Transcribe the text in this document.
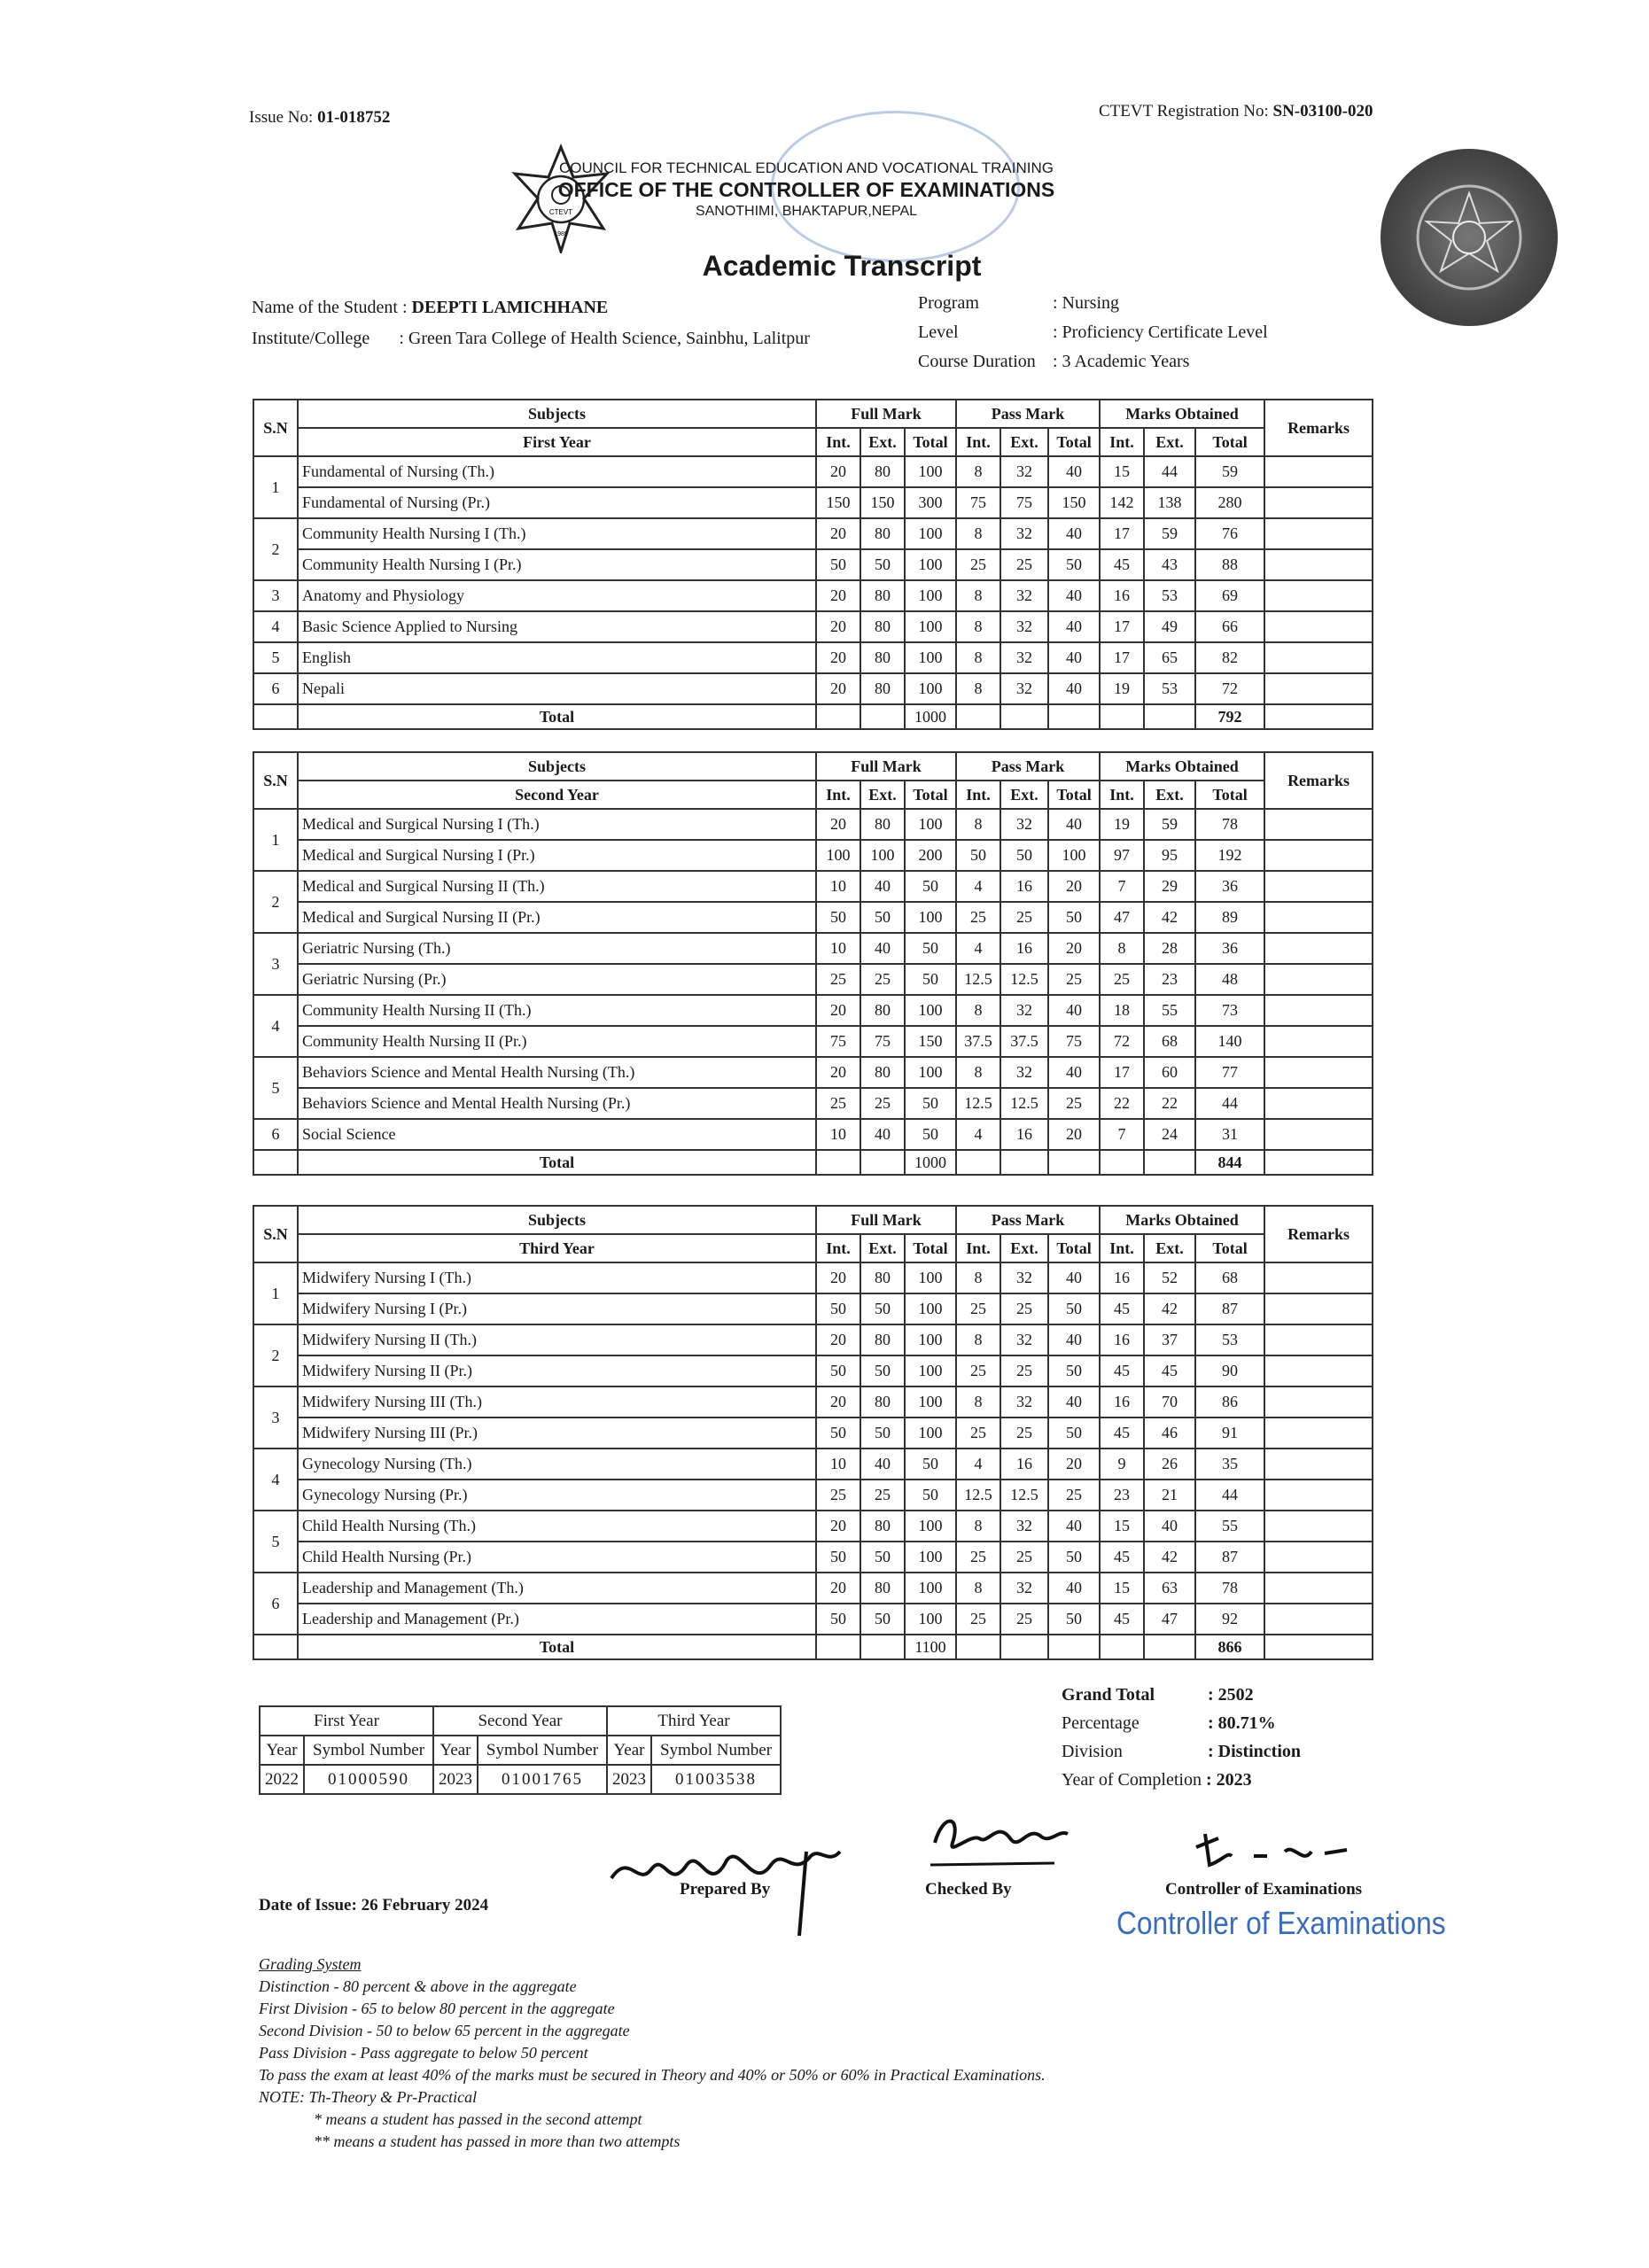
Issue No: 01-018752	CTEVT Registration No: SN-03100-020
CTEVT
1989
COUNCIL FOR TECHNICAL EDUCATION AND VOCATIONAL TRAINING
OFFICE OF THE CONTROLLER OF EXAMINATIONS
SANOTHIMI, BHAKTAPUR,NEPAL
Academic Transcript
Name of the Student : DEEPTI LAMICHHANE
Institute/College : Green Tara College of Health Science, Sainbhu, Lalitpur
Program	: Nursing
Level	: Proficiency Certificate Level
Course Duration : 3 Academic Years
S.N	Subjects	Full Mark			Pass Mark			Marks Obtained			Remarks
	First Year	Int.	Ext.	Total	Int.	Ext.	Total	Int.	Ext.	Total	
1	Fundamental of Nursing (Th.)	20	80	100	8	32	40	15	44	59	
	Fundamental of Nursing (Pr.)	150	150	300	75	75	150	142	138	280	
2	Community Health Nursing I (Th.)	20	80	100	8	32	40	17	59	76	
	Community Health Nursing I (Pr.)	50	50	100	25	25	50	45	43	88	
3	Anatomy and Physiology	20	80	100	8	32	40	16	53	69	
4	Basic Science Applied to Nursing	20	80	100	8	32	40	17	49	66	
5	English	20	80	100	8	32	40	17	65	82	
6	Nepali	20	80	100	8	32	40	19	53	72	
	Total			1000						792	
S.N	Subjects	Full Mark			Pass Mark			Marks Obtained			Remarks
	Second Year	Int.	Ext.	Total	Int.	Ext.	Total	Int.	Ext.	Total	
1	Medical and Surgical Nursing I (Th.)	20	80	100	8	32	40	19	59	78	
	Medical and Surgical Nursing I (Pr.)	100	100	200	50	50	100	97	95	192	
2	Medical and Surgical Nursing II (Th.)	10	40	50	4	16	20	7	29	36	
	Medical and Surgical Nursing II (Pr.)	50	50	100	25	25	50	47	42	89	
3	Geriatric Nursing (Th.)	10	40	50	4	16	20	8	28	36	
	Geriatric Nursing (Pr.)	25	25	50	12.5	12.5	25	25	23	48	
4	Community Health Nursing II (Th.)	20	80	100	8	32	40	18	55	73	
	Community Health Nursing II (Pr.)	75	75	150	37.5	37.5	75	72	68	140	
5	Behaviors Science and Mental Health Nursing (Th.)	20	80	100	8	32	40	17	60	77	
	Behaviors Science and Mental Health Nursing (Pr.)	25	25	50	12.5	12.5	25	22	22	44	
6	Social Science	10	40	50	4	16	20	7	24	31	
	Total			1000						844	
S.N	Subjects	Full Mark			Pass Mark			Marks Obtained			Remarks
	Third Year	Int.	Ext.	Total	Int.	Ext.	Total	Int.	Ext.	Total	
1	Midwifery Nursing I (Th.)	20	80	100	8	32	40	16	52	68	
	Midwifery Nursing I (Pr.)	50	50	100	25	25	50	45	42	87	
2	Midwifery Nursing II (Th.)	20	80	100	8	32	40	16	37	53	
	Midwifery Nursing II (Pr.)	50	50	100	25	25	50	45	45	90	
3	Midwifery Nursing III (Th.)	20	80	100	8	32	40	16	70	86	
	Midwifery Nursing III (Pr.)	50	50	100	25	25	50	45	46	91	
4	Gynecology Nursing (Th.)	10	40	50	4	16	20	9	26	35	
	Gynecology Nursing (Pr.)	25	25	50	12.5	12.5	25	23	21	44	
5	Child Health Nursing (Th.)	20	80	100	8	32	40	15	40	55	
	Child Health Nursing (Pr.)	50	50	100	25	25	50	45	42	87	
6	Leadership and Management (Th.)	20	80	100	8	32	40	15	63	78	
	Leadership and Management (Pr.)	50	50	100	25	25	50	45	47	92	
	Total			1100						866	
First Year		Second Year		Third Year	
Year	Symbol Number	Year	Symbol Number	Year	Symbol Number
2022	01000590	2023	01001765	2023	01003538
Grand Total	: 2502
Percentage	: 80.71%
Division	: Distinction
Year of Completion : 2023
Date of Issue: 26 February 2024
Prepared By	Checked By	Controller of Examinations
Controller of Examinations
Grading System
Distinction - 80 percent & above in the aggregate
First Division - 65 to below 80 percent in the aggregate
Second Division - 50 to below 65 percent in the aggregate
Pass Division - Pass aggregate to below 50 percent
To pass the exam at least 40% of the marks must be secured in Theory and 40% or 50% or 60% in Practical Examinations.
NOTE: Th-Theory & Pr-Practical
* means a student has passed in the second attempt
** means a student has passed in more than two attempts
